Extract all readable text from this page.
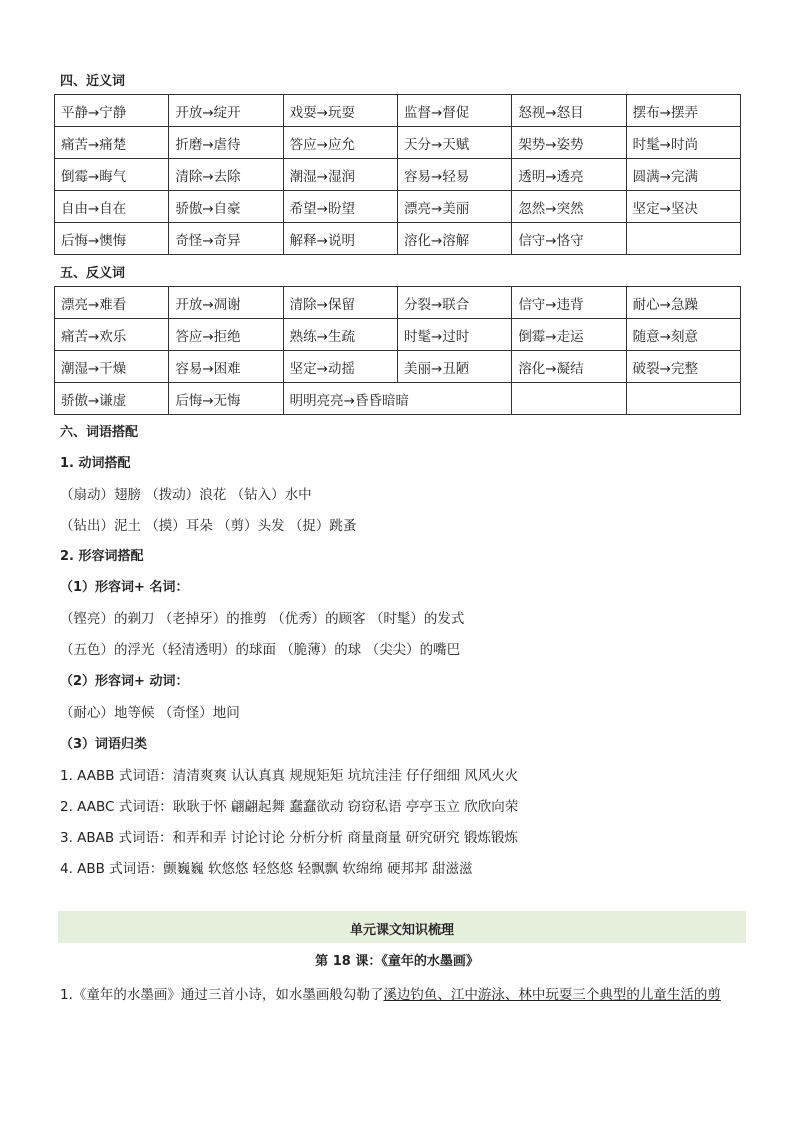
四、近义词
平静→宁静	开放→绽开	戏耍→玩耍	监督→督促	怒视→怒目	摆布→摆弄
痛苦→痛楚	折磨→虐待	答应→应允	天分→天赋	架势→姿势	时髦→时尚
倒霉→晦气	清除→去除	潮湿→湿润	容易→轻易	透明→透亮	圆满→完满
自由→自在	骄傲→自豪	希望→盼望	漂亮→美丽	忽然→突然	坚定→坚决
后悔→懊悔	奇怪→奇异	解释→说明	溶化→溶解	信守→恪守	
五、反义词
漂亮→难看	开放→凋谢	清除→保留	分裂→联合	信守→违背	耐心→急躁
痛苦→欢乐	答应→拒绝	熟练→生疏	时髦→过时	倒霉→走运	随意→刻意
潮湿→干燥	容易→困难	坚定→动摇	美丽→丑陋	溶化→凝结	破裂→完整
骄傲→谦虚	后悔→无悔	明明亮亮→昏昏暗暗			
六、词语搭配
1. 动词搭配
（扇动）翅膀 （拨动）浪花 （钻入）水中
（钻出）泥土 （摸）耳朵 （剪）头发 （捉）跳蚤
2. 形容词搭配
（1）形容词+ 名词：
（铿亮）的剃刀 （老掉牙）的推剪 （优秀）的顾客 （时髦）的发式
（五色）的浮光（轻清透明）的球面 （脆薄）的球 （尖尖）的嘴巴
（2）形容词+ 动词：
（耐心）地等候 （奇怪）地问
（3）词语归类
1. AABB 式词语：清清爽爽 认认真真 规规矩矩 坑坑洼洼 仔仔细细 风风火火
2. AABC 式词语：耿耿于怀 翩翩起舞 蠢蠢欲动 窃窃私语 亭亭玉立 欣欣向荣
3. ABAB 式词语：和弄和弄 讨论讨论 分析分析 商量商量 研究研究 锻炼锻炼
4. ABB 式词语：颤巍巍 软悠悠 轻悠悠 轻飘飘 软绵绵 硬邦邦 甜滋滋
单元课文知识梳理
第 18 课：《童年的水墨画》
1.《童年的水墨画》通过三首小诗，如水墨画般勾勒了溪边钓鱼、江中游泳、林中玩耍三个典型的儿童生活的剪
